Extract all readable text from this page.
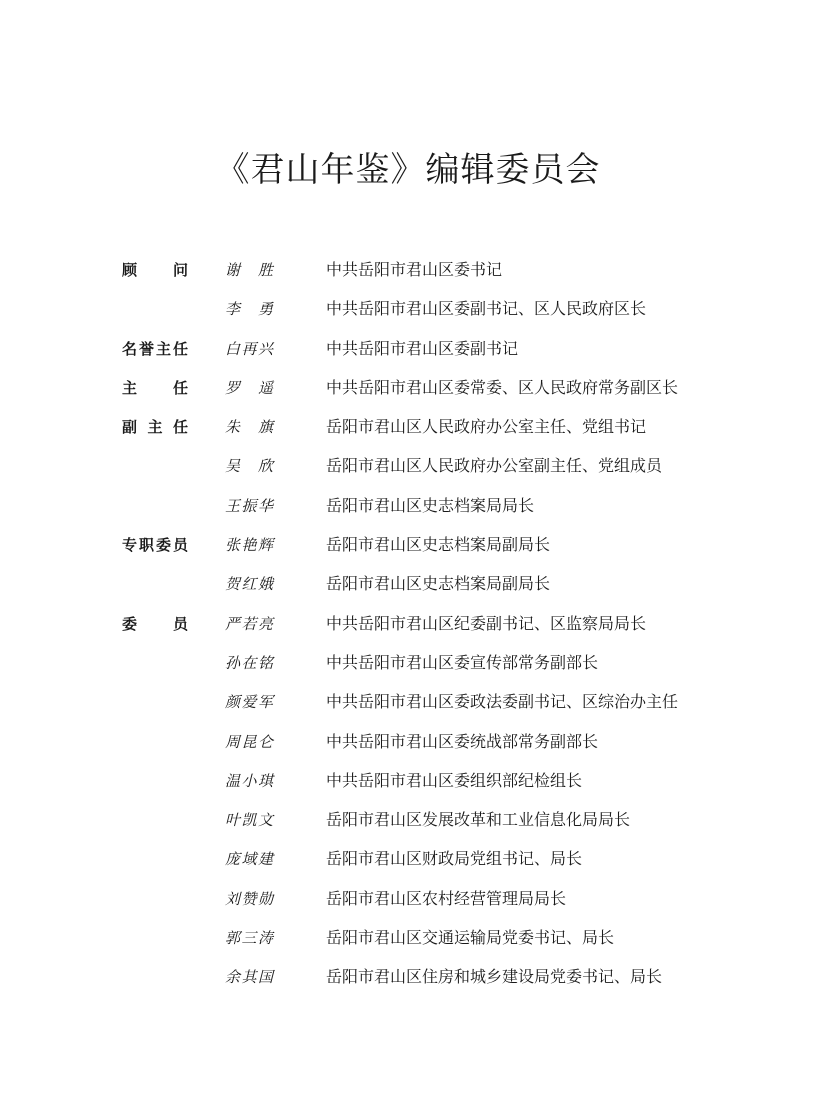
《君山年鉴》编辑委员会
顾　问 谢　胜	中共岳阳市君山区委书记
李　勇	中共岳阳市君山区委副书记、区人民政府区长
名誉主任 白再兴	中共岳阳市君山区委副书记
主　任 罗　遥	中共岳阳市君山区委常委、区人民政府常务副区长
副主任 朱　旗	岳阳市君山区人民政府办公室主任、党组书记
吴　欣	岳阳市君山区人民政府办公室副主任、党组成员
王振华	岳阳市君山区史志档案局局长
专职委员 张艳辉	岳阳市君山区史志档案局副局长
贺红娥	岳阳市君山区史志档案局副局长
委　员 严若亮	中共岳阳市君山区纪委副书记、区监察局局长
孙在铭	中共岳阳市君山区委宣传部常务副部长
颜爱军	中共岳阳市君山区委政法委副书记、区综治办主任
周昆仑	中共岳阳市君山区委统战部常务副部长
温小琪	中共岳阳市君山区委组织部纪检组长
叶凯文	岳阳市君山区发展改革和工业信息化局局长
庞域建	岳阳市君山区财政局党组书记、局长
刘赞勋	岳阳市君山区农村经营管理局局长
郭三涛	岳阳市君山区交通运输局党委书记、局长
余其国	岳阳市君山区住房和城乡建设局党委书记、局长
